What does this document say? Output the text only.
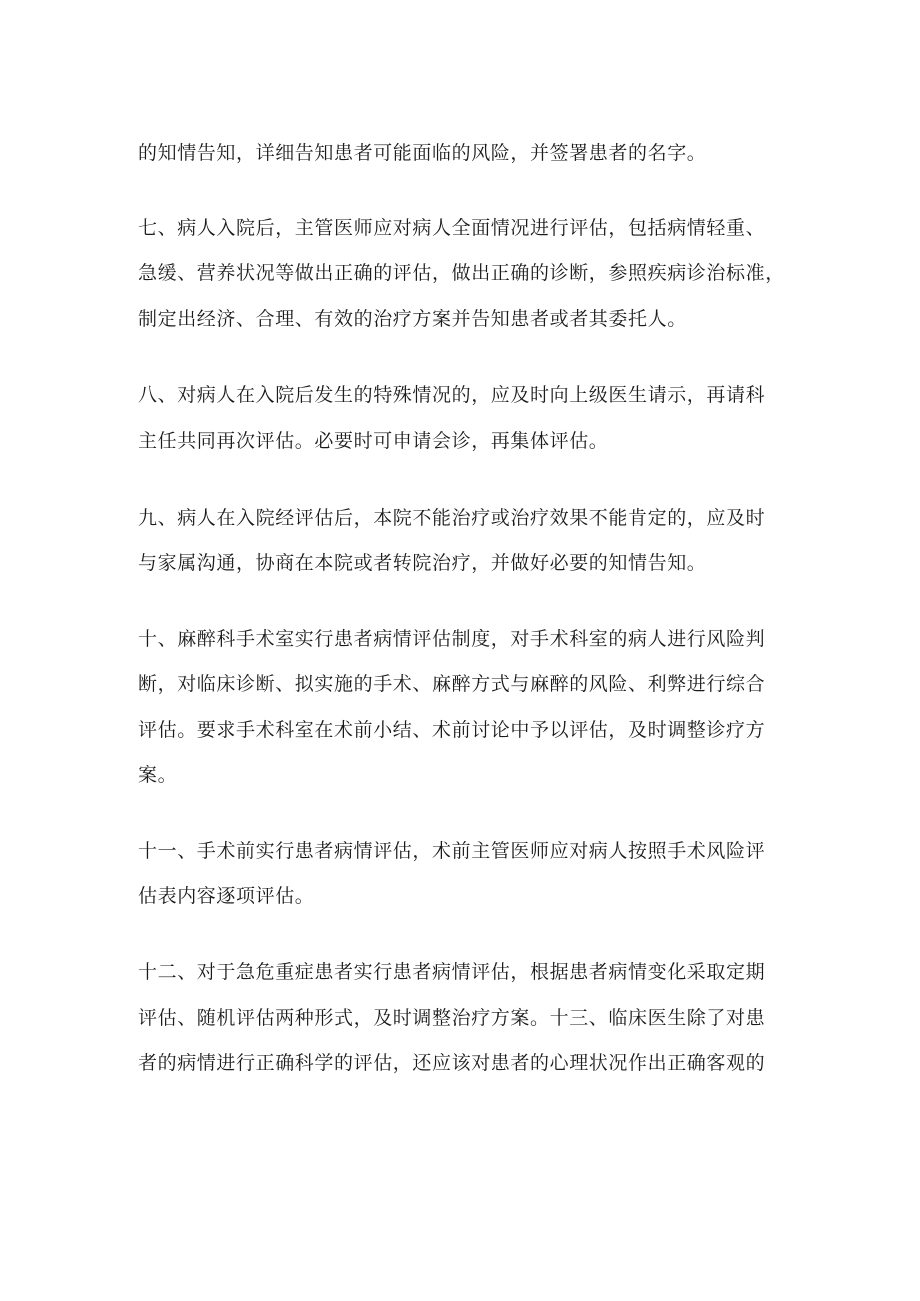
的知情告知，详细告知患者可能面临的风险，并签署患者的名字。
七、病人入院后，主管医师应对病人全面情况进行评估，包括病情轻重、
急缓、营养状况等做出正确的评估，做出正确的诊断，参照疾病诊治标准，
制定出经济、合理、有效的治疗方案并告知患者或者其委托人。
八、对病人在入院后发生的特殊情况的，应及时向上级医生请示，再请科
主任共同再次评估。必要时可申请会诊，再集体评估。
九、病人在入院经评估后，本院不能治疗或治疗效果不能肯定的，应及时
与家属沟通，协商在本院或者转院治疗，并做好必要的知情告知。
十、麻醉科手术室实行患者病情评估制度，对手术科室的病人进行风险判
断，对临床诊断、拟实施的手术、麻醉方式与麻醉的风险、利弊进行综合
评估。要求手术科室在术前小结、术前讨论中予以评估，及时调整诊疗方
案。
十一、手术前实行患者病情评估，术前主管医师应对病人按照手术风险评
估表内容逐项评估。
十二、对于急危重症患者实行患者病情评估，根据患者病情变化采取定期
评估、随机评估两种形式，及时调整治疗方案。十三、临床医生除了对患
者的病情进行正确科学的评估，还应该对患者的心理状况作出正确客观的
